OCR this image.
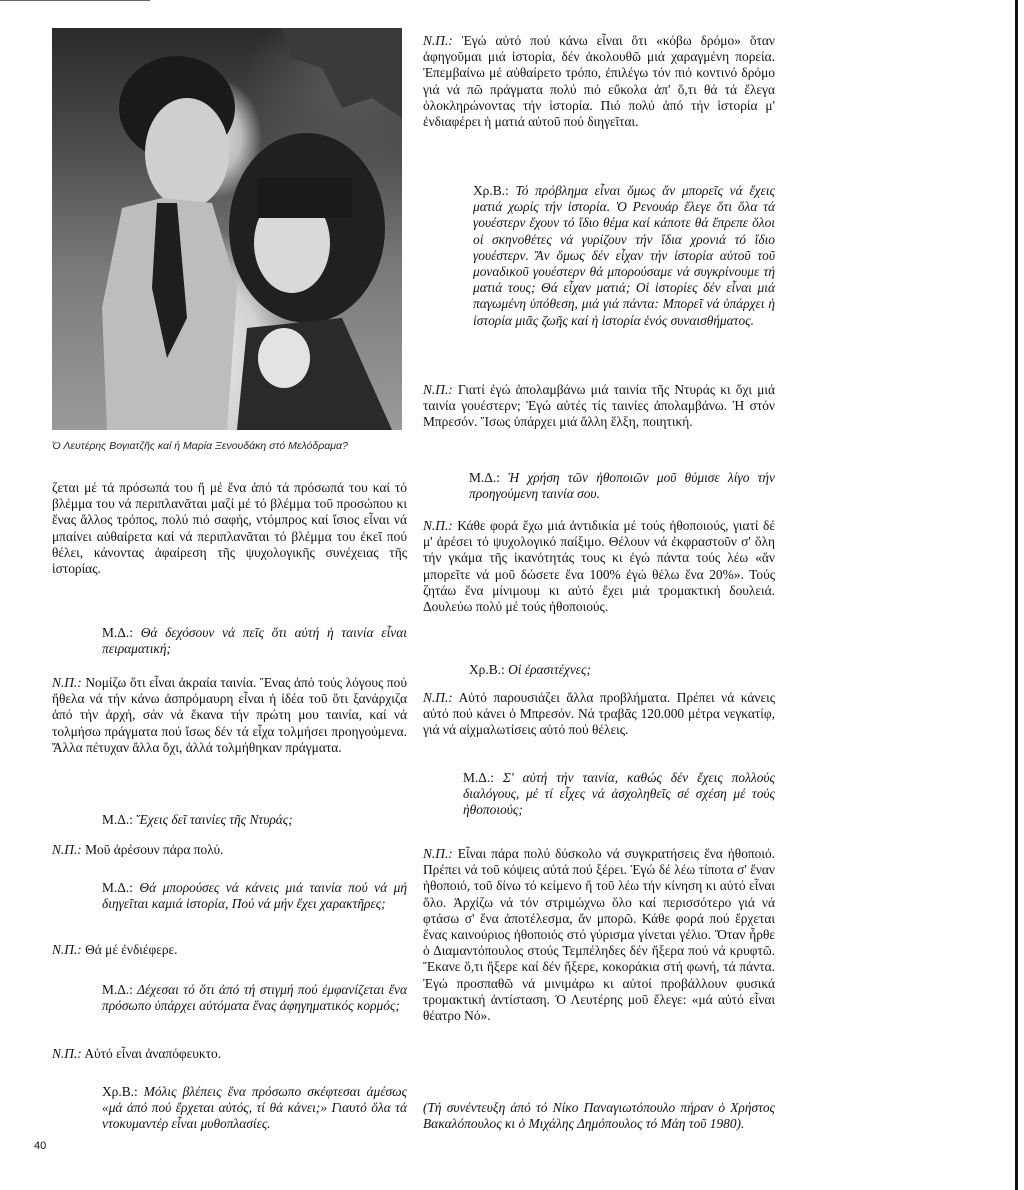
Ὁ Λευτέρης Βογιατζῆς καί ἡ Μαρία Ξενουδάκη στό Μελόδραμα?

Ν.Π.: Ἐγώ αὐτό πού κάνω εἶναι ὅτι «κόβω δρόμο» ὅταν ἀφηγοῦμαι μιά ἱστορία, δέν ἀκολουθῶ μιά χαραγμένη πορεία. Ἐπεμβαίνω μέ αὐθαίρετο τρόπο, ἐπιλέγω τόν πιό κοντινό δρόμο γιά νά πῶ πράγματα πολύ πιό εὔκολα ἀπ' ὅ,τι θά τά ἔλεγα ὁλοκληρώνοντας τήν ἱστορία. Πιό πολύ ἀπό τήν ἱστορία μ' ἐνδιαφέρει ἡ ματιά αὐτοῦ πού διηγεῖται.

Χρ.Β.: Τό πρόβλημα εἶναι ὅμως ἄν μπορεῖς νά ἔχεις ματιά χωρίς τήν ἱστορία. Ὁ Ρενουάρ ἔλεγε ὅτι ὅλα τά γουέστερν ἔχουν τό ἴδιο θέμα καί κάποτε θά ἔπρεπε ὅλοι οἱ σκηνοθέτες νά γυρίζουν τήν ἴδια χρονιά τό ἴδιο γουέστερν. Ἄν ὅμως δέν εἶχαν τήν ἱστορία αὐτοῦ τοῦ μοναδικοῦ γουέστερν θά μπορούσαμε νά συγκρίνουμε τή ματιά τους; Θά εἶχαν ματιά; Οἱ ἱστορίες δέν εἶναι μιά παγωμένη ὑπόθεση, μιά γιά πάντα: Μπορεῖ νά ὑπάρχει ἡ ἱστορία μιᾶς ζωῆς καί ἡ ἱστορία ἑνός συναισθήματος.

Ν.Π.: Γιατί ἐγώ ἀπολαμβάνω μιά ταινία τῆς Ντυράς κι ὄχι μιά ταινία γουέστερν; Ἐγώ αὐτές τίς ταινίες ἀπολαμβάνω. Ἡ στόν Μπρεσόν. Ἴσως ὑπάρχει μιά ἄλλη ἕλξη, ποιητική.

Μ.Δ.: Ἡ χρήση τῶν ἠθοποιῶν μοῦ θύμισε λίγο τήν προηγούμενη ταινία σου.

Ν.Π.: Κάθε φορά ἔχω μιά ἀντιδικία μέ τούς ἠθοποιούς, γιατί δέ μ' ἀρέσει τό ψυχολογικό παίξιμο. Θέλουν νά ἐκφραστοῦν σ' ὅλη τήν γκάμα τῆς ἱκανότητάς τους κι ἐγώ πάντα τούς λέω «ἄν μπορεῖτε νά μοῦ δώσετε ἕνα 100% ἐγώ θέλω ἕνα 20%». Τούς ζητάω ἕνα μίνιμουμ κι αὐτό ἔχει μιά τρομακτική δουλειά. Δουλεύω πολύ μέ τούς ἠθοποιούς.

Χρ.Β.: Οἱ ἐρασιτέχνες;

Ν.Π.: Αὐτό παρουσιάζει ἄλλα προβλήματα. Πρέπει νά κάνεις αὐτό πού κάνει ὁ Μπρεσόν. Νά τραβᾶς 120.000 μέτρα νεγκατίφ, γιά νά αἰχμαλωτίσεις αὐτό πού θέλεις.

Μ.Δ.: Σ' αὐτή τήν ταινία, καθώς δέν ἔχεις πολλούς διαλόγους, μέ τί εἶχες νά ἀσχοληθεῖς σέ σχέση μέ τούς ἠθοποιούς;

Ν.Π.: Εἶναι πάρα πολύ δύσκολο νά συγκρατήσεις ἕνα ἠθοποιό. Πρέπει νά τοῦ κόψεις αὐτά πού ξέρει. Ἐγώ δέ λέω τίποτα σ' ἕναν ἠθοποιό, τοῦ δίνω τό κείμενο ἤ τοῦ λέω τήν κίνηση κι αὐτό εἶναι ὅλο. Ἀρχίζω νά τόν στριμώχνω ὅλο καί περισσότερο γιά νά φτάσω σ' ἕνα ἀποτέλεσμα, ἄν μπορῶ. Κάθε φορά πού ἔρχεται ἕνας καινούριος ἠθοποιός στό γύρισμα γίνεται γέλιο. Ὅταν ἦρθε ὁ Διαμαντόπουλος στούς Τεμπέληδες δέν ἤξερα πού νά κρυφτῶ. Ἔκανε ὅ,τι ἤξερε καί δέν ἤξερε, κοκοράκια στή φωνή, τά πάντα. Ἐγώ προσπαθῶ νά μινιμάρω κι αὐτοί προβάλλουν φυσικά τρομακτική ἀντίσταση. Ὁ Λευτέρης μοῦ ἔλεγε: «μά αὐτό εἶναι θέατρο Νό».

(Τή συνέντευξη ἀπό τό Νίκο Παναγιωτόπουλο πήραν ὁ Χρήστος Βακαλόπουλος κι ὁ Μιχάλης Δημόπουλος τό Μάη τοῦ 1980).

ζεται μέ τά πρόσωπά του ἤ μέ ἕνα ἀπό τά πρόσωπά του καί τό βλέμμα του νά περιπλανᾶται μαζί μέ τό βλέμμα τοῦ προσώπου κι ἕνας ἄλλος τρόπος, πολύ πιό σαφής, ντόμπρος καί ἴσιος εἶναι νά μπαίνει αὐθαίρετα καί νά περιπλανᾶται τό βλέμμα του ἐκεῖ πού θέλει, κάνοντας ἀφαίρεση τῆς ψυχολογικῆς συνέχειας τῆς ἱστορίας.

Μ.Δ.: Θά δεχόσουν νά πεῖς ὅτι αὐτή ἡ ταινία εἶναι πειραματική;

Ν.Π.: Νομίζω ὅτι εἶναι ἀκραία ταινία. Ἕνας ἀπό τούς λόγους πού ἤθελα νά τήν κάνω ἀσπρόμαυρη εἶναι ἡ ἰδέα τοῦ ὅτι ξανάρχιζα ἀπό τήν ἀρχή, σάν νά ἔκανα τήν πρώτη μου ταινία, καί νά τολμήσω πράγματα πού ἴσως δέν τά εἶχα τολμήσει προηγούμενα. Ἄλλα πέτυχαν ἄλλα ὄχι, ἀλλά τολμήθηκαν πράγματα.

Μ.Δ.: Ἔχεις δεῖ ταινίες τῆς Ντυράς;

Ν.Π.: Μοῦ ἀρέσουν πάρα πολύ.

Μ.Δ.: Θά μπορούσες νά κάνεις μιά ταινία πού νά μή διηγεῖται καμιά ἱστορία, Πού νά μήν ἔχει χαρακτῆρες;

Ν.Π.: Θά μέ ἐνδιέφερε.

Μ.Δ.: Δέχεσαι τό ὅτι ἀπό τή στιγμή πού ἐμφανίζεται ἕνα πρόσωπο ὑπάρχει αὐτόματα ἕνας ἀφηγηματικός κορμός;

Ν.Π.: Αὐτό εἶναι ἀναπόφευκτο.

Χρ.Β.: Μόλις βλέπεις ἕνα πρόσωπο σκέφτεσαι ἀμέσως «μά ἀπό πού ἔρχεται αὐτός, τί θά κάνει;» Γιαυτό ὅλα τά ντοκυμαντέρ εἶναι μυθοπλασίες.

40
